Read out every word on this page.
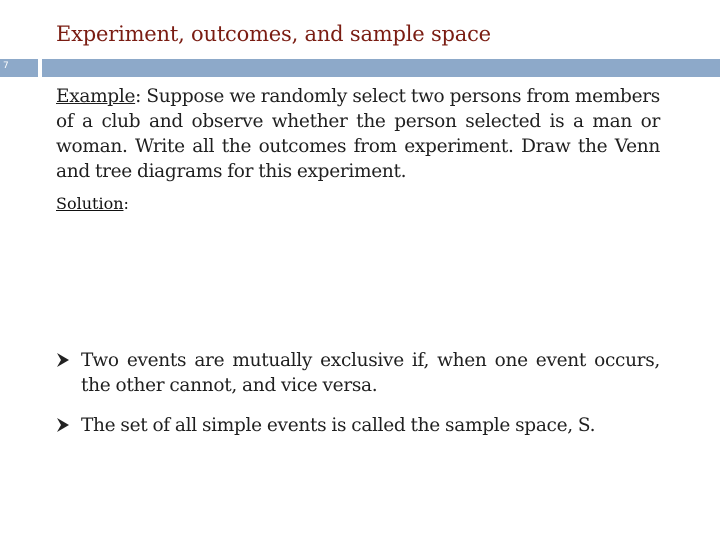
Experiment, outcomes, and sample space
7
Example: Suppose we randomly select two persons from members of a club and observe whether the person selected is a man or woman. Write all the outcomes from experiment. Draw the Venn and tree diagrams for this experiment.
Solution:
Two events are mutually exclusive if, when one event occurs, the other cannot, and vice versa.
The set of all simple events is called the sample space, S.
